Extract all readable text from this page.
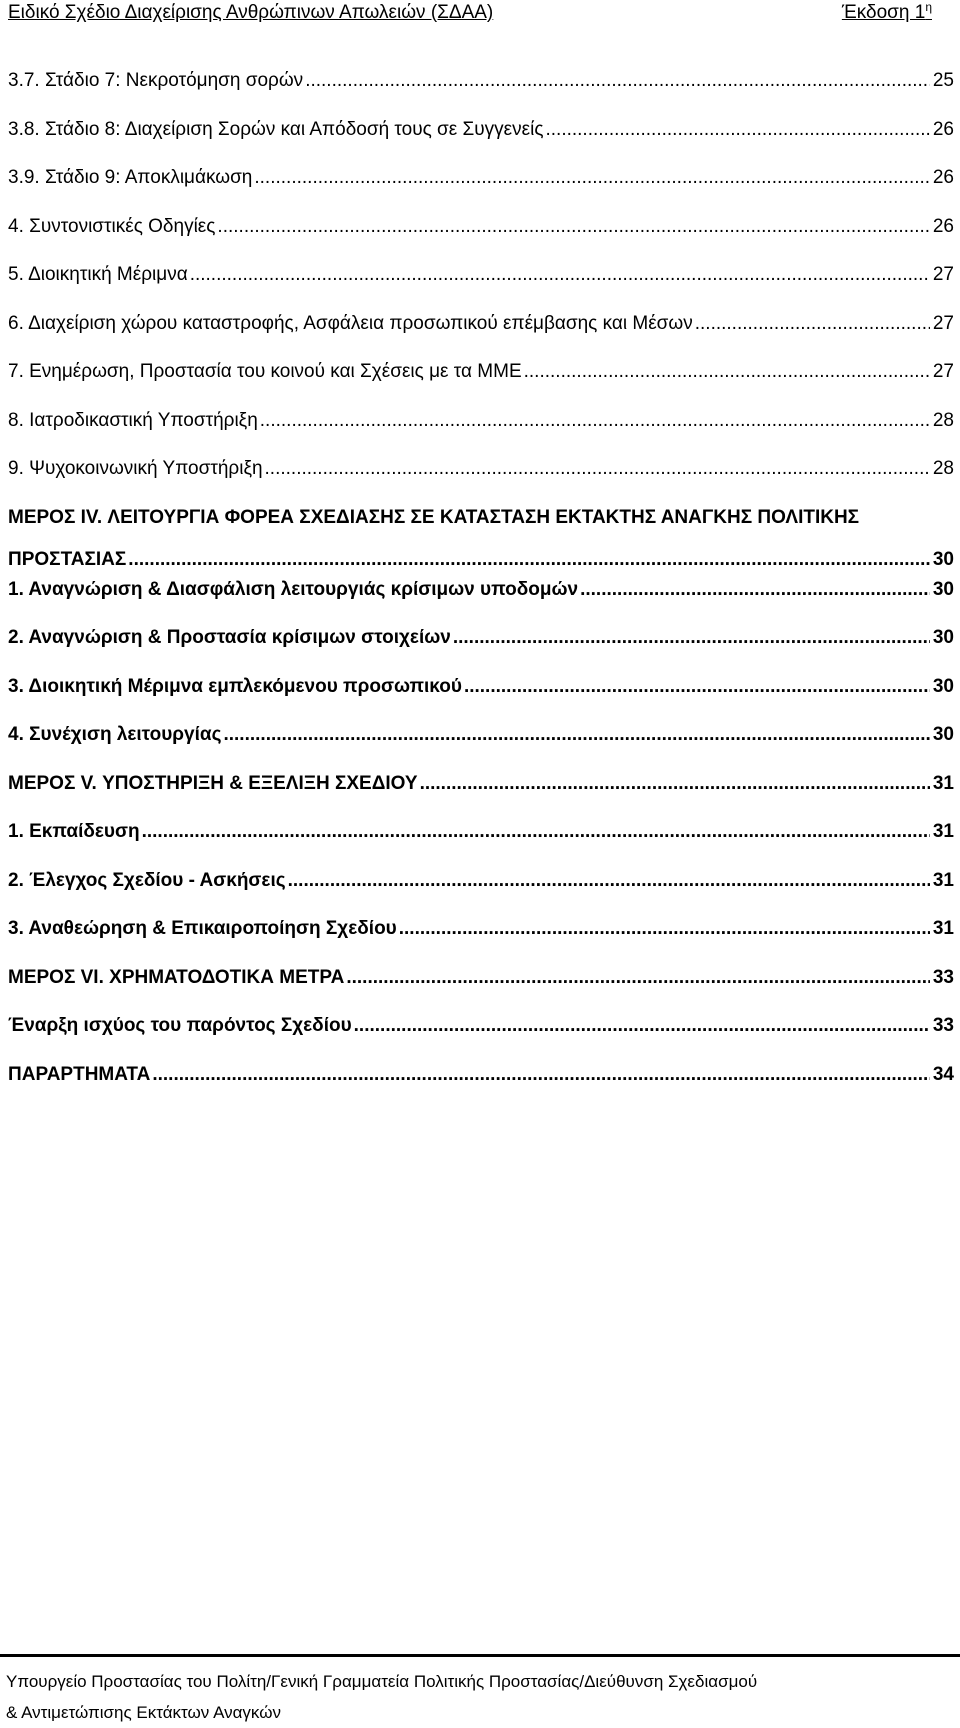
Ειδικό Σχέδιο Διαχείρισης Ανθρώπινων Απωλειών (ΣΔΑΑ)	Έκδοση $1^\eta$
3.7. Στάδιο 7: Νεκροτόμηση σορών .....	25
3.8. Στάδιο 8: Διαχείριση Σορών και Απόδοσή τους σε Συγγενείς .....	26
3.9. Στάδιο 9: Αποκλιμάκωση .....	26
4. Συντονιστικές Οδηγίες .....	26
5. Διοικητική Μέριμνα .....	27
6. Διαχείριση χώρου καταστροφής, Ασφάλεια προσωπικού επέμβασης και Μέσων .....	27
7. Ενημέρωση, Προστασία του κοινού και Σχέσεις με τα ΜΜΕ .....	27
8. Ιατροδικαστική Υποστήριξη .....	28
9. Ψυχοκοινωνική Υποστήριξη .....	28
ΜΕΡΟΣ IV. ΛΕΙΤΟΥΡΓΙΑ ΦΟΡΕΑ ΣΧΕΔΙΑΣΗΣ ΣΕ ΚΑΤΑΣΤΑΣΗ ΕΚΤΑΚΤΗΣ ΑΝΑΓΚΗΣ ΠΟΛΙΤΙΚΗΣ
ΠΡΟΣΤΑΣΙΑΣ .....	30
1. Αναγνώριση & Διασφάλιση λειτουργιάς κρίσιμων υποδομών .....	30
2. Αναγνώριση & Προστασία κρίσιμων στοιχείων .....	30
3. Διοικητική Μέριμνα εμπλεκόμενου προσωπικού .....	30
4. Συνέχιση λειτουργίας .....	30
ΜΕΡΟΣ V. ΥΠΟΣΤΗΡΙΞΗ & ΕΞΕΛΙΞΗ ΣΧΕΔΙΟΥ .....	31
1. Εκπαίδευση .....	31
2. Έλεγχος Σχεδίου - Ασκήσεις .....	31
3. Αναθεώρηση & Επικαιροποίηση Σχεδίου .....	31
ΜΕΡΟΣ VI. ΧΡΗΜΑΤΟΔΟΤΙΚΑ ΜΕΤΡΑ .....	33
Έναρξη ισχύος του παρόντος Σχεδίου .....	33
ΠΑΡΑΡΤΗΜΑΤΑ .....	34
Υπουργείο Προστασίας του Πολίτη/Γενική Γραμματεία Πολιτικής Προστασίας/Διεύθυνση Σχεδιασμού
& Αντιμετώπισης Εκτάκτων Αναγκών
